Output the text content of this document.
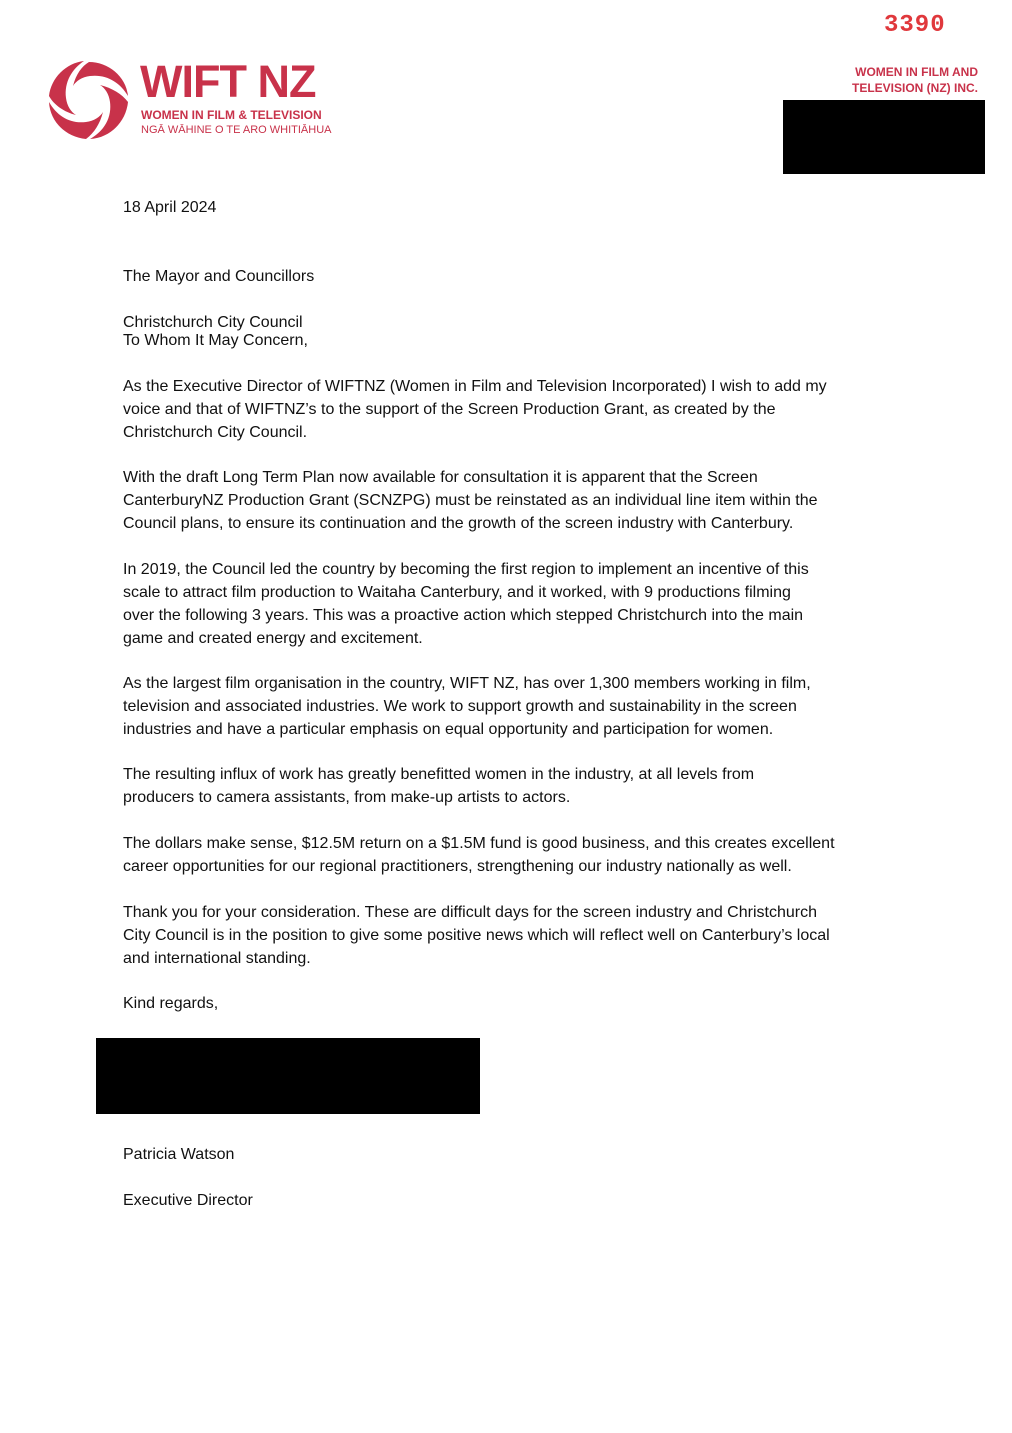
3390
WIFT NZ
WOMEN IN FILM & TELEVISION
NGĀ WĀHINE O TE ARO WHITIĀHUA
WOMEN IN FILM AND
TELEVISION (NZ) INC.

18 April 2024

The Mayor and Councillors

Christchurch City Council

To Whom It May Concern,

As the Executive Director of WIFTNZ (Women in Film and Television Incorporated) I wish to add my
voice and that of WIFTNZ’s to the support of the Screen Production Grant, as created by the
Christchurch City Council.

With the draft Long Term Plan now available for consultation it is apparent that the Screen
CanterburyNZ Production Grant (SCNZPG) must be reinstated as an individual line item within the
Council plans, to ensure its continuation and the growth of the screen industry with Canterbury.

In 2019, the Council led the country by becoming the first region to implement an incentive of this
scale to attract film production to Waitaha Canterbury, and it worked, with 9 productions filming
over the following 3 years. This was a proactive action which stepped Christchurch into the main
game and created energy and excitement.

As the largest film organisation in the country, WIFT NZ, has over 1,300 members working in film,
television and associated industries. We work to support growth and sustainability in the screen
industries and have a particular emphasis on equal opportunity and participation for women.

The resulting influx of work has greatly benefitted women in the industry, at all levels from
producers to camera assistants, from make-up artists to actors.

The dollars make sense, $12.5M return on a $1.5M fund is good business, and this creates excellent
career opportunities for our regional practitioners, strengthening our industry nationally as well.

Thank you for your consideration. These are difficult days for the screen industry and Christchurch
City Council is in the position to give some positive news which will reflect well on Canterbury’s local
and international standing.

Kind regards,

Patricia Watson

Executive Director
